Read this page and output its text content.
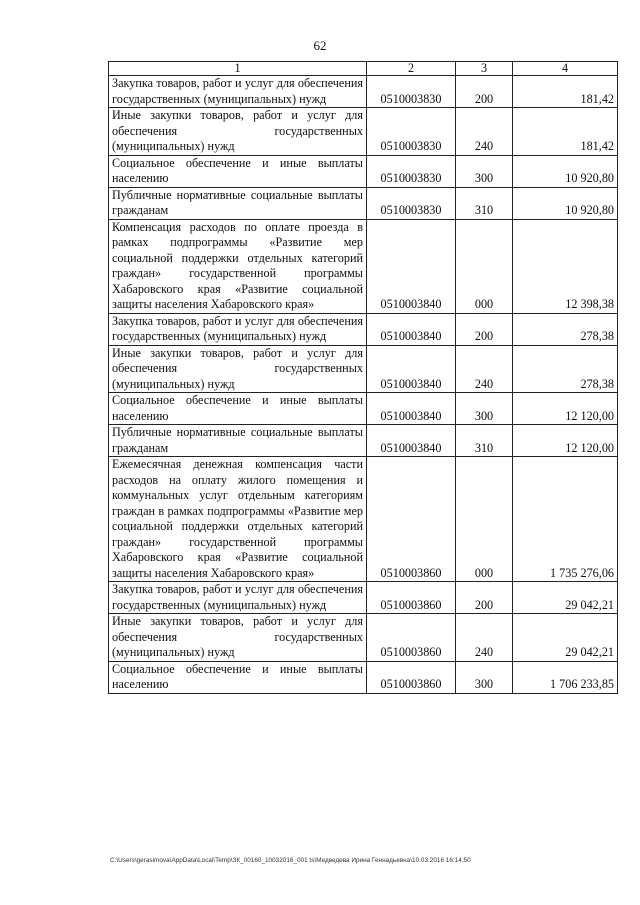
62
1	2	3	4
Закупка товаров, работ и услуг для обеспечения государственных (муниципальных) нужд	0510003830	200	181,42
Иные закупки товаров, работ и услуг для обеспечения государственных (муниципальных) нужд	0510003830	240	181,42
Социальное обеспечение и иные выплаты населению	0510003830	300	10 920,80
Публичные нормативные социальные выплаты гражданам	0510003830	310	10 920,80
Компенсация расходов по оплате проезда в рамках подпрограммы «Развитие мер социальной поддержки отдельных категорий граждан» государственной программы Хабаровского края «Развитие социальной защиты населения Хабаровского края»	0510003840	000	12 398,38
Закупка товаров, работ и услуг для обеспечения государственных (муниципальных) нужд	0510003840	200	278,38
Иные закупки товаров, работ и услуг для обеспечения государственных (муниципальных) нужд	0510003840	240	278,38
Социальное обеспечение и иные выплаты населению	0510003840	300	12 120,00
Публичные нормативные социальные выплаты гражданам	0510003840	310	12 120,00
Ежемесячная денежная компенсация части расходов на оплату жилого помещения и коммунальных услуг отдельным категориям граждан в рамках подпрограммы «Развитие мер социальной поддержки отдельных категорий граждан» государственной программы Хабаровского края «Развитие социальной защиты населения Хабаровского края»	0510003860	000	1 735 276,06
Закупка товаров, работ и услуг для обеспечения государственных (муниципальных) нужд	0510003860	200	29 042,21
Иные закупки товаров, работ и услуг для обеспечения государственных (муниципальных) нужд	0510003860	240	29 042,21
Социальное обеспечение и иные выплаты населению	0510003860	300	1 706 233,85
C:\Users\gerasimova\AppData\Local\Temp\ЗК_00160_10032016_001 ts\Медведева Ирина Геннадьевна\10.03.2016 16:14:50
